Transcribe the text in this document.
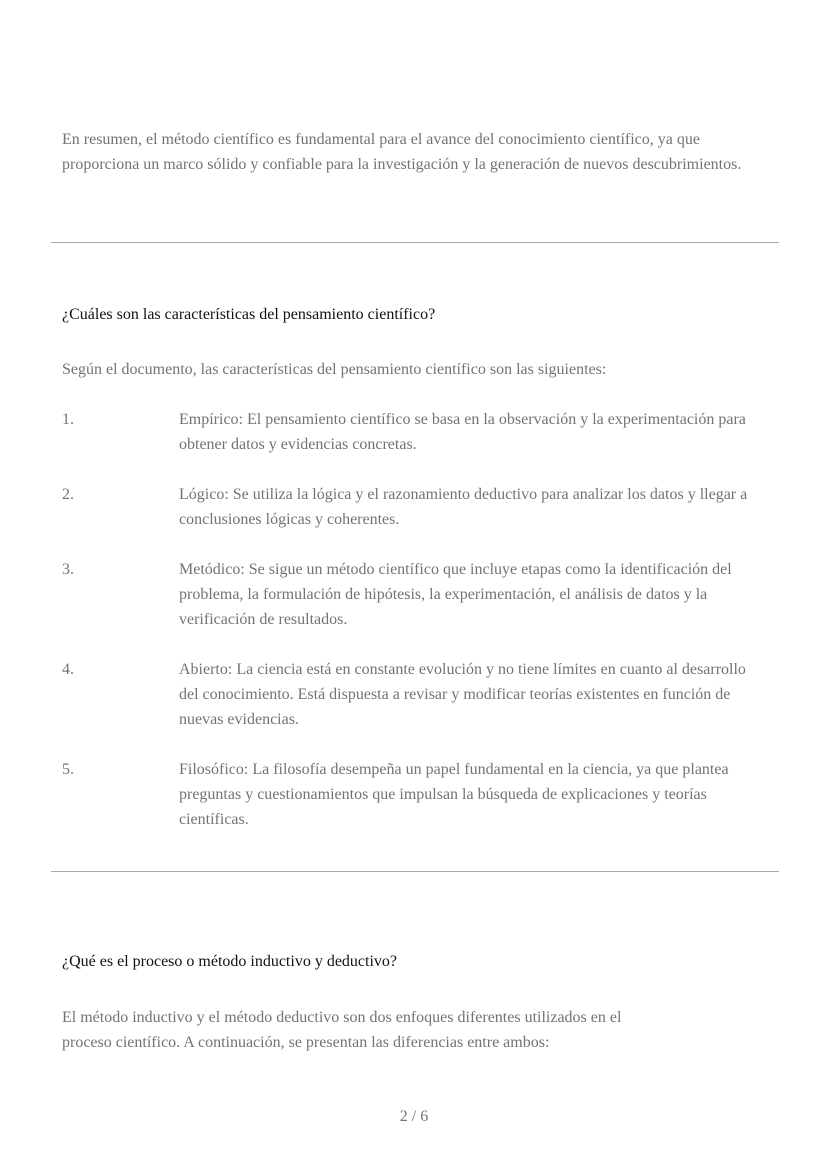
En resumen, el método científico es fundamental para el avance del conocimiento científico, ya que proporciona un marco sólido y confiable para la investigación y la generación de nuevos descubrimientos.

¿Cuáles son las características del pensamiento científico?

Según el documento, las características del pensamiento científico son las siguientes:

1.	Empírico: El pensamiento científico se basa en la observación y la experimentación para obtener datos y evidencias concretas.
2.	Lógico: Se utiliza la lógica y el razonamiento deductivo para analizar los datos y llegar a conclusiones lógicas y coherentes.
3.	Metódico: Se sigue un método científico que incluye etapas como la identificación del problema, la formulación de hipótesis, la experimentación, el análisis de datos y la verificación de resultados.
4.	Abierto: La ciencia está en constante evolución y no tiene límites en cuanto al desarrollo del conocimiento. Está dispuesta a revisar y modificar teorías existentes en función de nuevas evidencias.
5.	Filosófico: La filosofía desempeña un papel fundamental en la ciencia, ya que plantea preguntas y cuestionamientos que impulsan la búsqueda de explicaciones y teorías científicas.
¿Qué es el proceso o método inductivo y deductivo?

El método inductivo y el método deductivo son dos enfoques diferentes utilizados en el proceso científico. A continuación, se presentan las diferencias entre ambos:

2 / 6
